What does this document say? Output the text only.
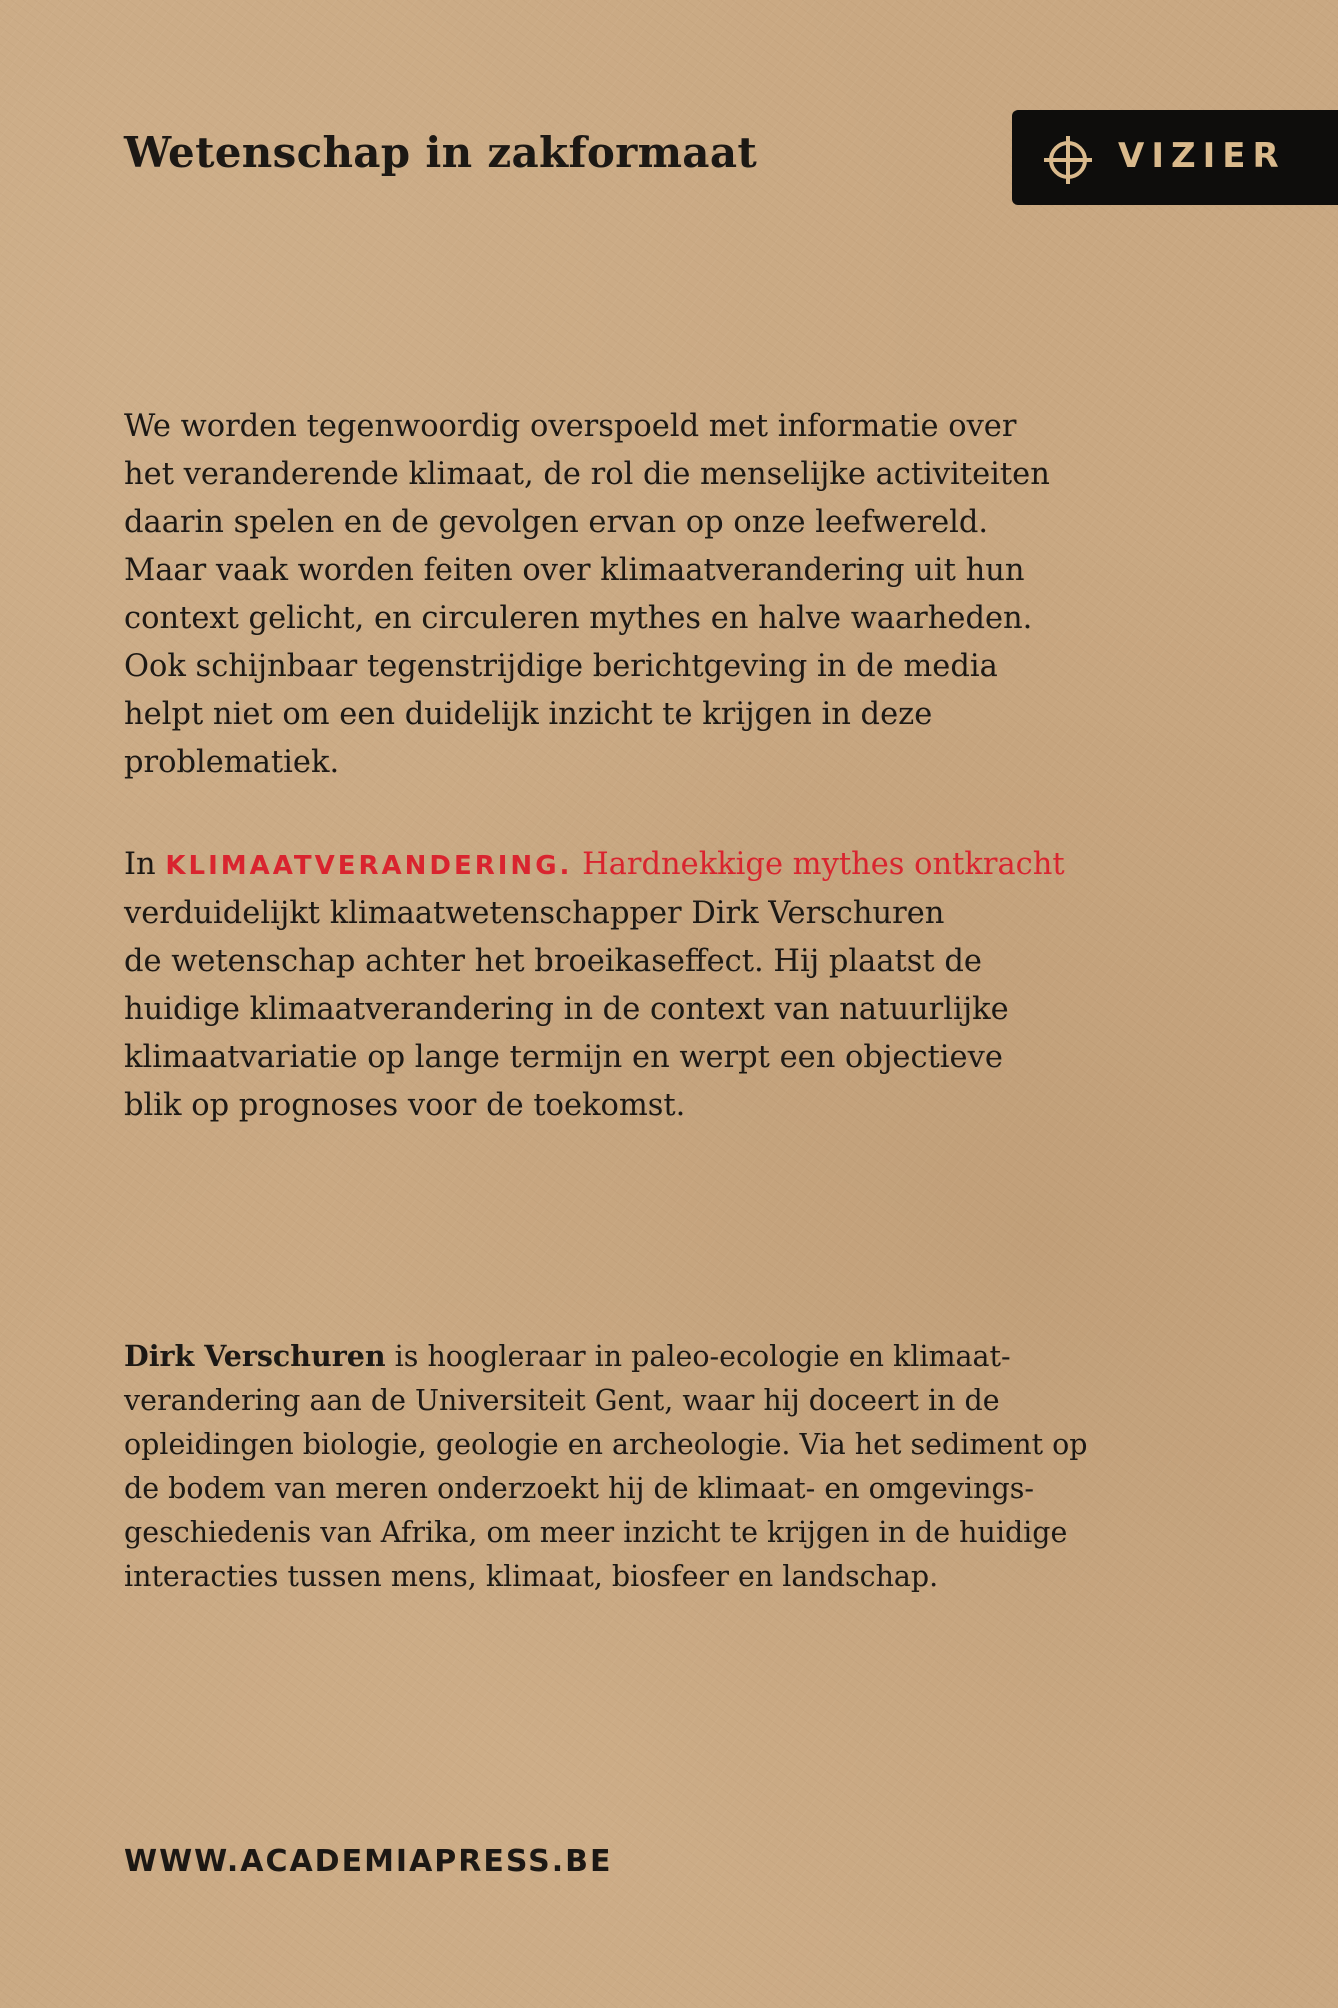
Wetenschap in zakformaat	VIZIER

We worden tegenwoordig overspoeld met informatie over
het veranderende klimaat, de rol die menselijke activiteiten
daarin spelen en de gevolgen ervan op onze leefwereld.
Maar vaak worden feiten over klimaatverandering uit hun
context gelicht, en circuleren mythes en halve waarheden.
Ook schijnbaar tegenstrijdige berichtgeving in de media
helpt niet om een duidelijk inzicht te krijgen in deze
problematiek.

In KLIMAATVERANDERING. Hardnekkige mythes ontkracht
verduidelijkt klimaatwetenschapper Dirk Verschuren
de wetenschap achter het broeikaseffect. Hij plaatst de
huidige klimaatverandering in de context van natuurlijke
klimaatvariatie op lange termijn en werpt een objectieve
blik op prognoses voor de toekomst.

Dirk Verschuren is hoogleraar in paleo-ecologie en klimaat-
verandering aan de Universiteit Gent, waar hij doceert in de
opleidingen biologie, geologie en archeologie. Via het sediment op
de bodem van meren onderzoekt hij de klimaat- en omgevings-
geschiedenis van Afrika, om meer inzicht te krijgen in de huidige
interacties tussen mens, klimaat, biosfeer en landschap.

WWW.ACADEMIAPRESS.BE
